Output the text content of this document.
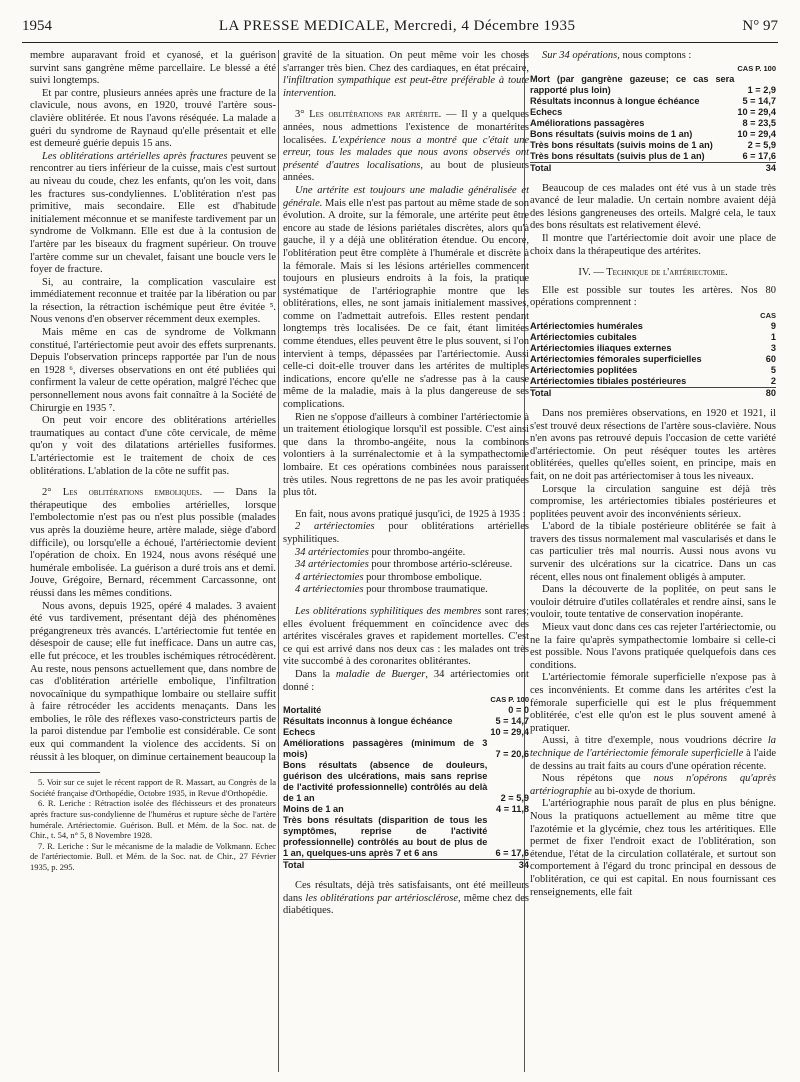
1954	LA PRESSE MEDICALE, Mercredi, 4 Décembre 1935	N° 97

membre auparavant froid et cyanosé, et la guérison survint sans gangrène même parcellaire. Le blessé a été suivi longtemps.

Et par contre, plusieurs années après une fracture de la clavicule, nous avons, en 1920, trouvé l'artère sous-clavière oblitérée. Et nous l'avons réséquée. La malade a guéri du syndrome de Raynaud qu'elle présentait et elle est demeuré guérie depuis 15 ans.

Les oblitérations artérielles après fractures peuvent se rencontrer au tiers inférieur de la cuisse, mais c'est surtout au niveau du coude, chez les enfants, qu'on les voit, dans les fractures sus-condyliennes. L'oblitération n'est pas primitive, mais secondaire. Elle est d'habitude initialement méconnue et se manifeste tardivement par un syndrome de Volkmann. Elle est due à la contusion de l'artère par les biseaux du fragment supérieur. On trouve l'artère comme sur un chevalet, faisant une boucle vers le foyer de fracture.

Si, au contraire, la complication vasculaire est immédiatement reconnue et traitée par la libération ou par la résection, la rétraction ischémique peut être évitée ⁵. Nous venons d'en observer récemment deux exemples.

Mais même en cas de syndrome de Volkmann constitué, l'artériectomie peut avoir des effets surprenants. Depuis l'observation princeps rapportée par l'un de nous en 1928 ⁶, diverses observations en ont été publiées qui confirment la valeur de cette opération, malgré l'échec que personnellement nous avons fait connaître à la Société de Chirurgie en 1935 ⁷.

On peut voir encore des oblitérations artérielles traumatiques au contact d'une côte cervicale, de même qu'on y voit des dilatations artérielles fusiformes. L'artériectomie est le traitement de choix de ces oblitérations. L'ablation de la côte ne suffit pas.

2° Les oblitérations emboliques. — Dans la thérapeutique des embolies artérielles, lorsque l'embolectomie n'est pas ou n'est plus possible (malades vus après la douzième heure, artère malade, siège d'abord difficile), ou lorsqu'elle a échoué, l'artériectomie devient l'opération de choix. En 1924, nous avons réséqué une humérale embolisée. La guérison a duré trois ans et demi. Jouve, Grégoire, Bernard, récemment Carcassonne, ont réussi dans les mêmes conditions.

Nous avons, depuis 1925, opéré 4 malades. 3 avaient été vus tardivement, présentant déjà des phénomènes prégangreneux très avancés. L'artériectomie fut tentée en désespoir de cause; elle fut inefficace. Dans un autre cas, elle fut précoce, et les troubles ischémiques rétrocédèrent. Au reste, nous pensons actuellement que, dans nombre de cas d'oblitération artérielle embolique, l'infiltration novocaïnique du sympathique lombaire ou stellaire suffit à faire rétrocéder les accidents menaçants. Dans les embolies, le rôle des réflexes vaso-constricteurs partis de la paroi distendue par l'embolie est considérable. Ce sont eux qui commandent la violence des accidents. Si on réussit à les bloquer, on diminue certainement beaucoup la

5. Voir sur ce sujet le récent rapport de R. Massart, au Congrès de la Société française d'Orthopédie, Octobre 1935, in Revue d'Orthopédie.

6. R. Leriche : Rétraction isolée des fléchisseurs et des pronateurs après fracture sus-condylienne de l'humérus et rupture sèche de l'artère humérale. Artériectomie. Guérison. Bull. et Mém. de la Soc. nat. de Chir., t. 54, n° 5, 8 Novembre 1928.

7. R. Leriche : Sur le mécanisme de la maladie de Volkmann. Echec de l'artériectomie. Bull. et Mém. de la Soc. nat. de Chir., 27 Février 1935, p. 295.

gravité de la situation. On peut même voir les choses s'arranger très bien. Chez des cardiaques, en état précaire, l'infiltration sympathique est peut-être préférable à toute intervention.

3° Les oblitérations par artérite. — Il y a quelques années, nous admettions l'existence de monartérites localisées. L'expérience nous a montré que c'était une erreur, tous les malades que nous avons observés ont présenté d'autres localisations, au bout de plusieurs années.

Une artérite est toujours une maladie généralisée et générale. Mais elle n'est pas partout au même stade de son évolution. A droite, sur la fémorale, une artérite peut être encore au stade de lésions pariétales discrètes, alors qu'à gauche, il y a déjà une oblitération étendue. Ou encore, l'oblitération peut être complète à l'humérale et discrète à la fémorale. Mais si les lésions artérielles commencent toujours en plusieurs endroits à la fois, la pratique systématique de l'artériographie montre que les oblitérations, elles, ne sont jamais initialement massives, comme on l'admettait autrefois. Elles restent pendant longtemps très localisées. De ce fait, étant limitées comme étendues, elles peuvent être le plus souvent, si l'on intervient à temps, dépassées par l'artériectomie. Aussi celle-ci doit-elle trouver dans les artérites de multiples indications, encore qu'elle ne s'adresse pas à la cause même de la maladie, mais à la plus dangereuse de ses complications.

Rien ne s'oppose d'ailleurs à combiner l'artériectomie à un traitement étiologique lorsqu'il est possible. C'est ainsi que dans la thrombo-angéite, nous la combinons volontiers à la surrénalectomie et à la sympathectomie lombaire. Et ces opérations combinées nous paraissent très utiles. Nous regrettons de ne pas les avoir pratiquées plus tôt.

En fait, nous avons pratiqué jusqu'ici, de 1925 à 1935 :

2 artériectomies pour oblitérations artérielles syphilitiques.

34 artériectomies pour thrombo-angéite.

34 artériectomies pour thrombose artério-scléreuse.

4 artériectomies pour thrombose embolique.

4 artériectomies pour thrombose traumatique.

Les oblitérations syphilitiques des membres sont rares; elles évoluent fréquemment en coïncidence avec des artérites viscérales graves et rapidement mortelles. C'est ce qui est arrivé dans nos deux cas : les malades ont très vite succombé à des coronarites oblitérantes.

Dans la maladie de Buerger, 34 artériectomies ont donné :

	CAS P. 100
Mortalité	0 = 0
Résultats inconnus à longue échéance	5 = 14,7
Echecs	10 = 29,4
Améliorations passagères (minimum de 3 mois)	7 = 20,6
Bons résultats (absence de douleurs, guérison des ulcérations, mais sans reprise de l'activité professionnelle) contrôlés au delà de 1 an	2 = 5,9
Moins de 1 an	4 = 11,8
Très bons résultats (disparition de tous les symptômes, reprise de l'activité professionnelle) contrôlés au bout de plus de 1 an, quelques-uns après 7 et 6 ans	6 = 17,6
Total	34

Ces résultats, déjà très satisfaisants, ont été meilleurs dans les oblitérations par artériosclérose, même chez des diabétiques.

Sur 34 opérations, nous comptons :

	CAS P. 100
Mort (par gangrène gazeuse; ce cas sera rapporté plus loin)	1 = 2,9
Résultats inconnus à longue échéance	5 = 14,7
Echecs	10 = 29,4
Améliorations passagères	8 = 23,5
Bons résultats (suivis moins de 1 an)	10 = 29,4
Très bons résultats (suivis moins de 1 an)	2 = 5,9
Très bons résultats (suivis plus de 1 an)	6 = 17,6
Total	34

Beaucoup de ces malades ont été vus à un stade très avancé de leur maladie. Un certain nombre avaient déjà des lésions gangreneuses des orteils. Malgré cela, le taux des bons résultats est relativement élevé.

Il montre que l'artériectomie doit avoir une place de choix dans la thérapeutique des artérites.

IV. — Technique de l'artériectomie.

Elle est possible sur toutes les artères. Nos 80 opérations comprennent :

	CAS
Artériectomies humérales	9
Artériectomies cubitales	1
Artériectomies iliaques externes	3
Artériectomies fémorales superficielles	60
Artériectomies poplitées	5
Artériectomies tibiales postérieures	2
Total	80

Dans nos premières observations, en 1920 et 1921, il s'est trouvé deux résections de l'artère sous-clavière. Nous n'en avons pas retrouvé depuis l'occasion de cette variété d'artériectomie. On peut réséquer toutes les artères oblitérées, quelles qu'elles soient, en principe, mais en fait, on ne doit pas artériectomiser à tous les niveaux.

Lorsque la circulation sanguine est déjà très compromise, les artériectomies tibiales postérieures et poplitées peuvent avoir des inconvénients sérieux.

L'abord de la tibiale postérieure oblitérée se fait à travers des tissus normalement mal vascularisés et dans le cas particulier très mal nourris. Aussi nous avons vu survenir des ulcérations sur la cicatrice. Dans un cas récent, elles nous ont finalement obligés à amputer.

Dans la découverte de la poplitée, on peut sans le vouloir détruire d'utiles collatérales et rendre ainsi, sans le vouloir, toute tentative de conservation inopérante.

Mieux vaut donc dans ces cas rejeter l'artériectomie, ou ne la faire qu'après sympathectomie lombaire si celle-ci est possible. Nous l'avons pratiquée quelquefois dans ces conditions.

L'artériectomie fémorale superficielle n'expose pas à ces inconvénients. Et comme dans les artérites c'est la fémorale superficielle qui est le plus fréquemment oblitérée, c'est elle qu'on est le plus souvent amené à pratiquer.

Aussi, à titre d'exemple, nous voudrions décrire la technique de l'artériectomie fémorale superficielle à l'aide de dessins au trait faits au cours d'une opération récente.

Nous répétons que nous n'opérons qu'après artériographie au bi-oxyde de thorium.

L'artériographie nous paraît de plus en plus bénigne. Nous la pratiquons actuellement au même titre que l'azotémie et la glycémie, chez tous les artéritiques. Elle permet de fixer l'endroit exact de l'oblitération, son étendue, l'état de la circulation collatérale, et surtout son comportement à l'égard du tronc principal en dessous de l'oblitération, ce qui est capital. En nous fournissant ces renseignements, elle fait
